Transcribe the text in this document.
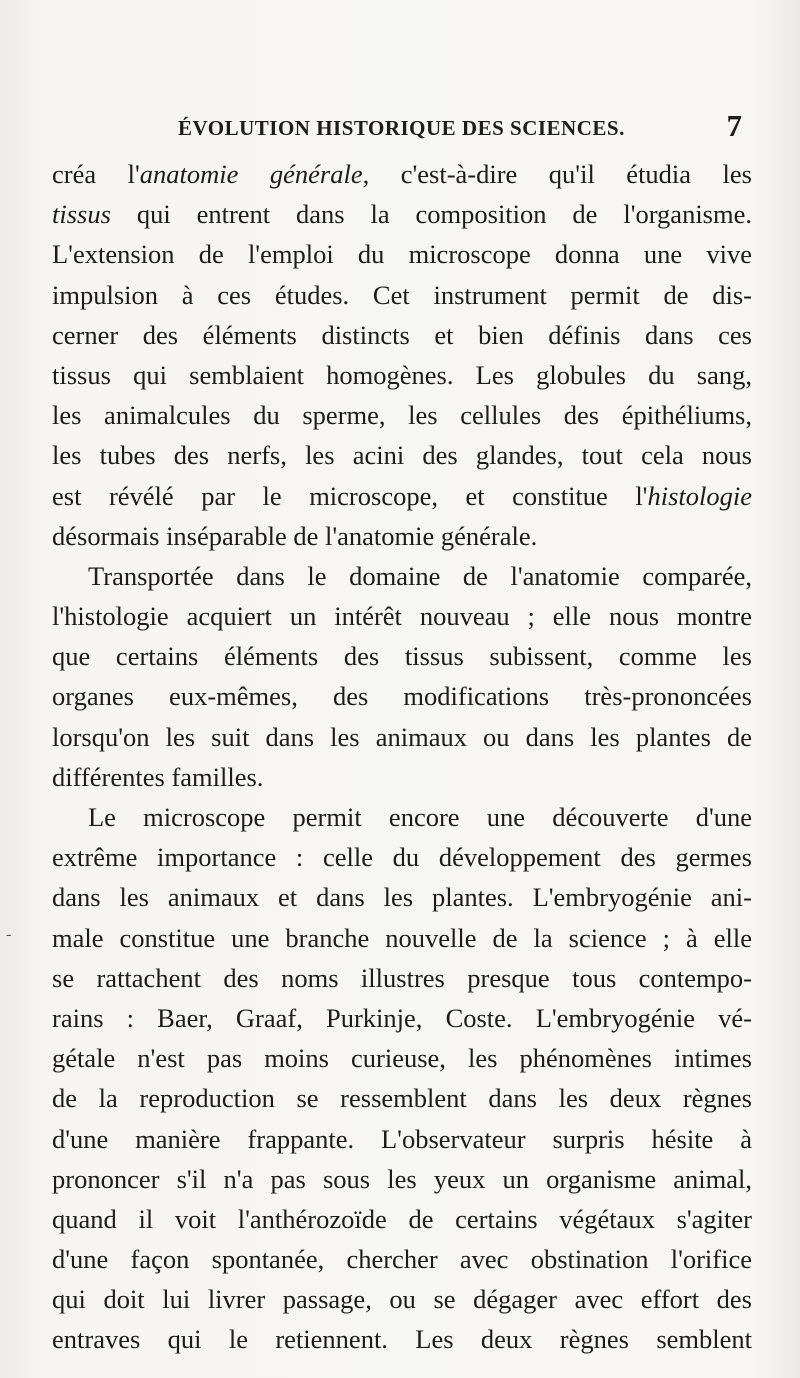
ÉVOLUTION HISTORIQUE DES SCIENCES.	7
-
créa l'anatomie générale, c'est-à-dire qu'il étudia les
tissus qui entrent dans la composition de l'organisme.
L'extension de l'emploi du microscope donna une vive
impulsion à ces études. Cet instrument permit de dis-
cerner des éléments distincts et bien définis dans ces
tissus qui semblaient homogènes. Les globules du sang,
les animalcules du sperme, les cellules des épithéliums,
les tubes des nerfs, les acini des glandes, tout cela nous
est révélé par le microscope, et constitue l'histologie
désormais inséparable de l'anatomie générale.
Transportée dans le domaine de l'anatomie comparée,
l'histologie acquiert un intérêt nouveau ; elle nous montre
que certains éléments des tissus subissent, comme les
organes eux-mêmes, des modifications très-prononcées
lorsqu'on les suit dans les animaux ou dans les plantes de
différentes familles.
Le microscope permit encore une découverte d'une
extrême importance : celle du développement des germes
dans les animaux et dans les plantes. L'embryogénie ani-
male constitue une branche nouvelle de la science ; à elle
se rattachent des noms illustres presque tous contempo-
rains : Baer, Graaf, Purkinje, Coste. L'embryogénie vé-
gétale n'est pas moins curieuse, les phénomènes intimes
de la reproduction se ressemblent dans les deux règnes
d'une manière frappante. L'observateur surpris hésite à
prononcer s'il n'a pas sous les yeux un organisme animal,
quand il voit l'anthérozoïde de certains végétaux s'agiter
d'une façon spontanée, chercher avec obstination l'orifice
qui doit lui livrer passage, ou se dégager avec effort des
entraves qui le retiennent. Les deux règnes semblent
